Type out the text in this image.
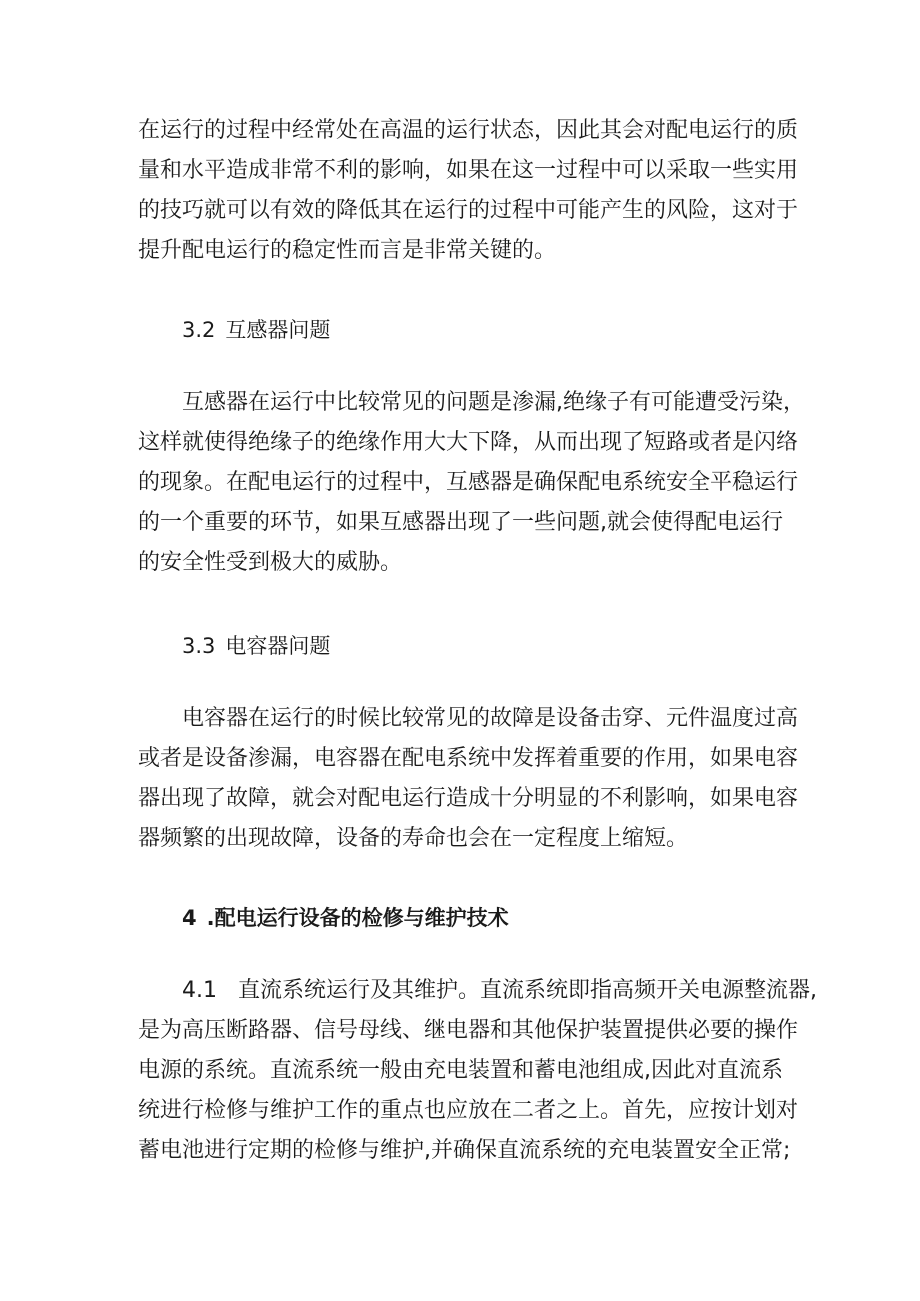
在运行的过程中经常处在高温的运行状态，因此其会对配电运行的质
量和水平造成非常不利的影响，如果在这一过程中可以采取一些实用
的技巧就可以有效的降低其在运行的过程中可能产生的风险，这对于
提升配电运行的稳定性而言是非常关键的。
3.2 互感器问题
互感器在运行中比较常见的问题是渗漏,绝缘子有可能遭受污染，
这样就使得绝缘子的绝缘作用大大下降，从而出现了短路或者是闪络
的现象。在配电运行的过程中，互感器是确保配电系统安全平稳运行
的一个重要的环节，如果互感器出现了一些问题,就会使得配电运行
的安全性受到极大的威胁。
3.3 电容器问题
电容器在运行的时候比较常见的故障是设备击穿、元件温度过高
或者是设备渗漏，电容器在配电系统中发挥着重要的作用，如果电容
器出现了故障，就会对配电运行造成十分明显的不利影响，如果电容
器频繁的出现故障，设备的寿命也会在一定程度上缩短。
4 .配电运行设备的检修与维护技术
4.1   直流系统运行及其维护。直流系统即指高频开关电源整流器,
是为高压断路器、信号母线、继电器和其他保护装置提供必要的操作
电源的系统。直流系统一般由充电装置和蓄电池组成,因此对直流系
统进行检修与维护工作的重点也应放在二者之上。首先，应按计划对
蓄电池进行定期的检修与维护,并确保直流系统的充电装置安全正常;
